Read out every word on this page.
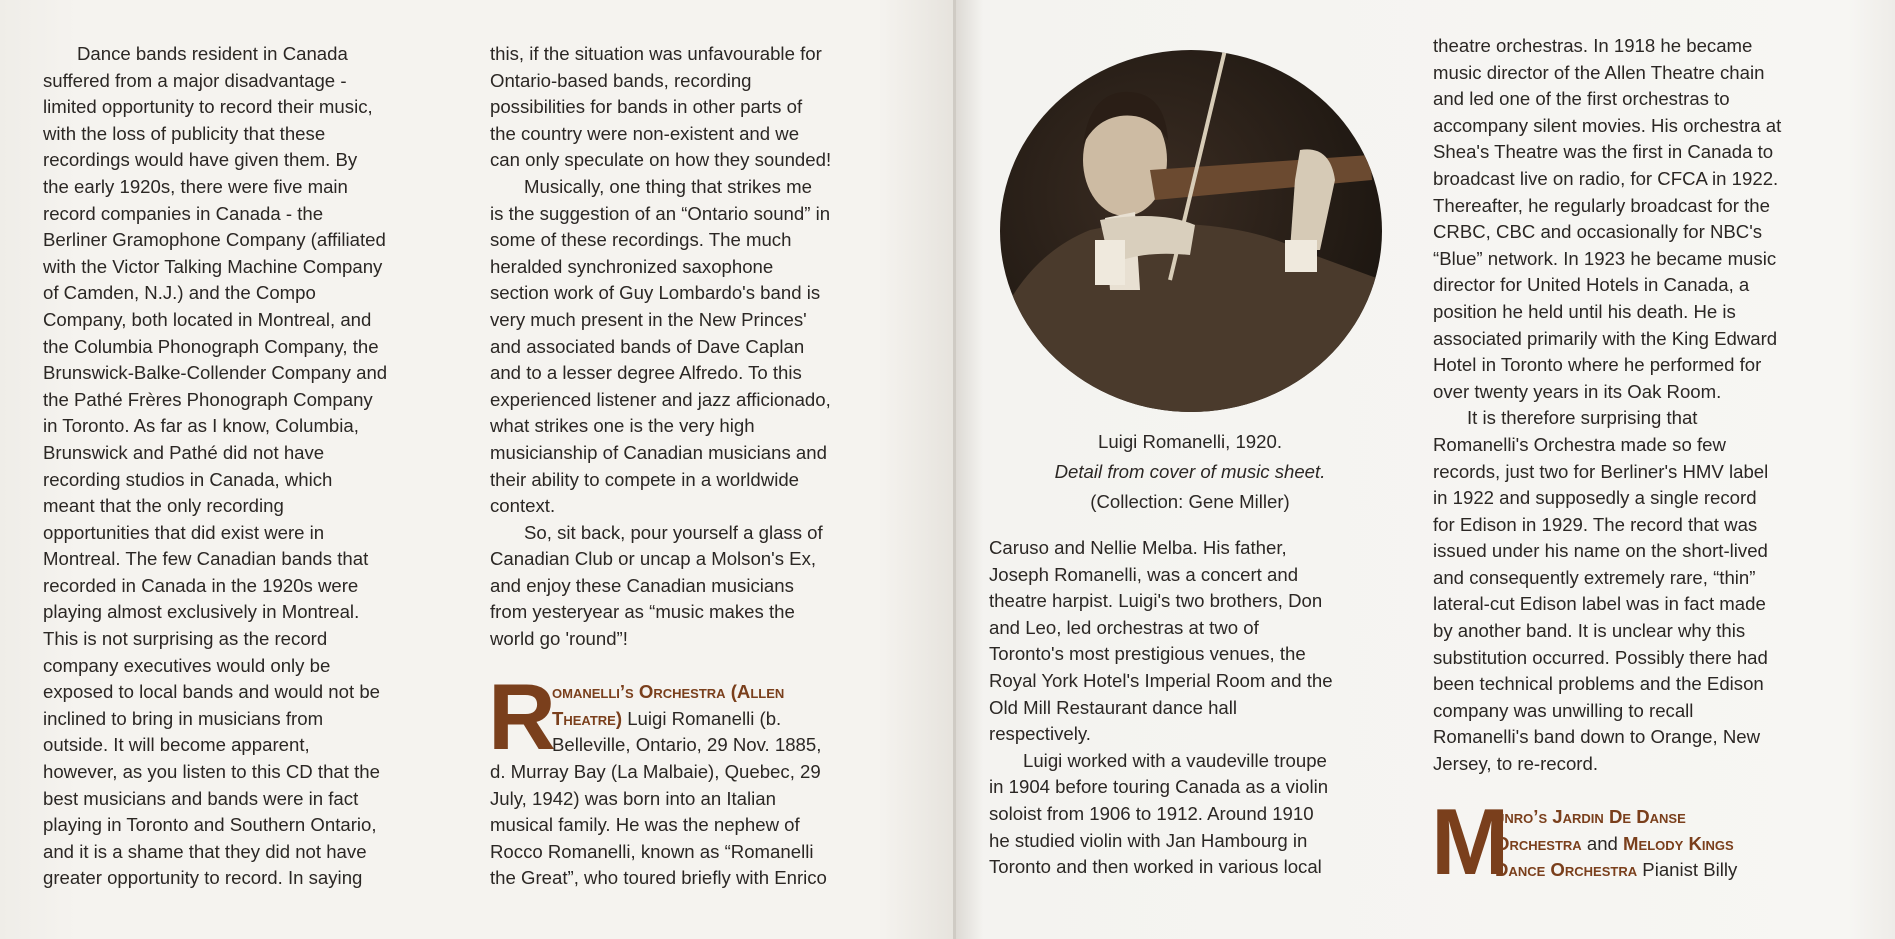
Dance bands resident in Canada
suffered from a major disadvantage -
limited opportunity to record their music,
with the loss of publicity that these
recordings would have given them. By
the early 1920s, there were five main
record companies in Canada - the
Berliner Gramophone Company (affiliated
with the Victor Talking Machine Company
of Camden, N.J.) and the Compo
Company, both located in Montreal, and
the Columbia Phonograph Company, the
Brunswick-Balke-Collender Company and
the Pathé Frères Phonograph Company
in Toronto. As far as I know, Columbia,
Brunswick and Pathé did not have
recording studios in Canada, which
meant that the only recording
opportunities that did exist were in
Montreal. The few Canadian bands that
recorded in Canada in the 1920s were
playing almost exclusively in Montreal.
This is not surprising as the record
company executives would only be
exposed to local bands and would not be
inclined to bring in musicians from
outside. It will become apparent,
however, as you listen to this CD that the
best musicians and bands were in fact
playing in Toronto and Southern Ontario,
and it is a shame that they did not have
greater opportunity to record. In saying
this, if the situation was unfavourable for
Ontario-based bands, recording
possibilities for bands in other parts of
the country were non-existent and we
can only speculate on how they sounded!
Musically, one thing that strikes me
is the suggestion of an “Ontario sound” in
some of these recordings. The much
heralded synchronized saxophone
section work of Guy Lombardo's band is
very much present in the New Princes'
and associated bands of Dave Caplan
and to a lesser degree Alfredo. To this
experienced listener and jazz afficionado,
what strikes one is the very high
musicianship of Canadian musicians and
their ability to compete in a worldwide
context.
So, sit back, pour yourself a glass of
Canadian Club or uncap a Molson's Ex,
and enjoy these Canadian musicians
from yesteryear as “music makes the
world go 'round”!
R
omanelli’s Orchestra (Allen
Theatre) Luigi Romanelli (b.
Belleville, Ontario, 29 Nov. 1885,
d. Murray Bay (La Malbaie), Quebec, 29
July, 1942) was born into an Italian
musical family. He was the nephew of
Rocco Romanelli, known as “Romanelli
the Great”, who toured briefly with Enrico
Luigi Romanelli, 1920.
Detail from cover of music sheet.
(Collection: Gene Miller)
Caruso and Nellie Melba. His father,
Joseph Romanelli, was a concert and
theatre harpist. Luigi's two brothers, Don
and Leo, led orchestras at two of
Toronto's most prestigious venues, the
Royal York Hotel's Imperial Room and the
Old Mill Restaurant dance hall
respectively.
Luigi worked with a vaudeville troupe
in 1904 before touring Canada as a violin
soloist from 1906 to 1912. Around 1910
he studied violin with Jan Hambourg in
Toronto and then worked in various local
theatre orchestras. In 1918 he became
music director of the Allen Theatre chain
and led one of the first orchestras to
accompany silent movies. His orchestra at
Shea's Theatre was the first in Canada to
broadcast live on radio, for CFCA in 1922.
Thereafter, he regularly broadcast for the
CRBC, CBC and occasionally for NBC's
“Blue” network. In 1923 he became music
director for United Hotels in Canada, a
position he held until his death. He is
associated primarily with the King Edward
Hotel in Toronto where he performed for
over twenty years in its Oak Room.
It is therefore surprising that
Romanelli's Orchestra made so few
records, just two for Berliner's HMV label
in 1922 and supposedly a single record
for Edison in 1929. The record that was
issued under his name on the short-lived
and consequently extremely rare, “thin”
lateral-cut Edison label was in fact made
by another band. It is unclear why this
substitution occurred. Possibly there had
been technical problems and the Edison
company was unwilling to recall
Romanelli's band down to Orange, New
Jersey, to re-record.
M
unro’s Jardin De Danse
Orchestra and Melody Kings
Dance Orchestra Pianist Billy
